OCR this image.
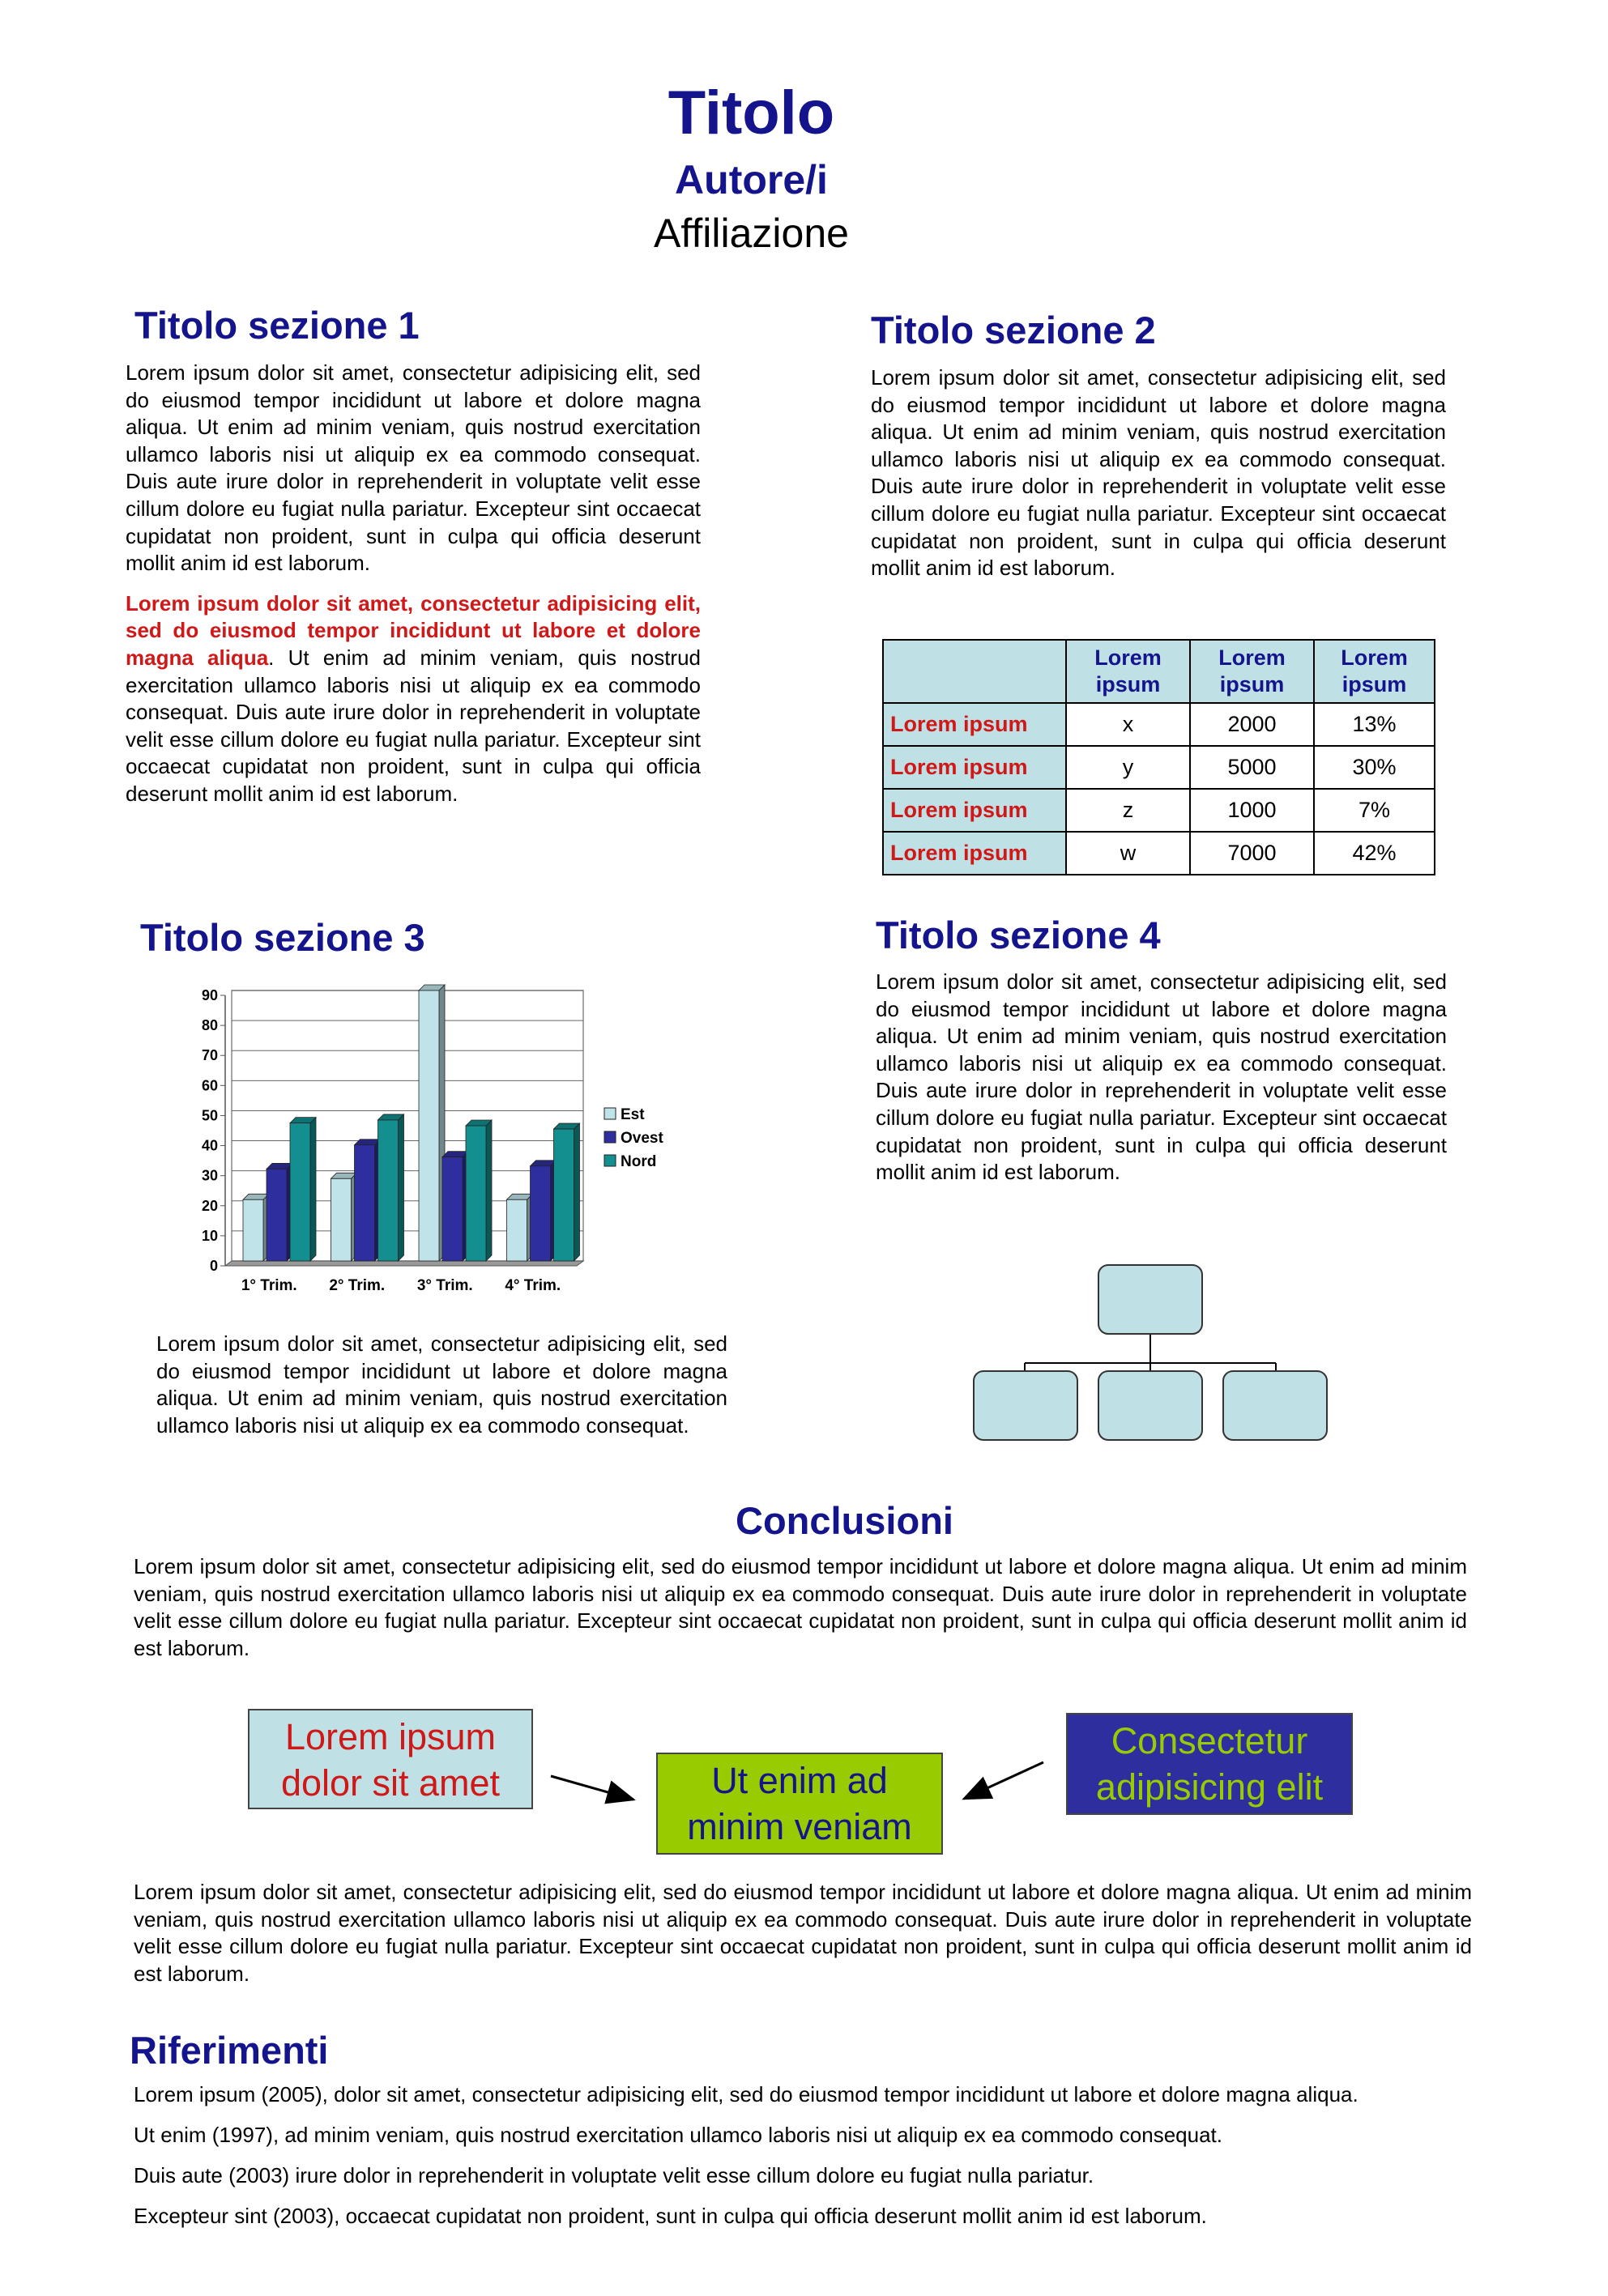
Titolo
Autore/i
Affiliazione
Titolo sezione 1

Lorem ipsum dolor sit amet, consectetur adipisicing elit, sed do eiusmod tempor incididunt ut labore et dolore magna aliqua. Ut enim ad minim veniam, quis nostrud exercitation ullamco laboris nisi ut aliquip ex ea commodo consequat. Duis aute irure dolor in reprehenderit in voluptate velit esse cillum dolore eu fugiat nulla pariatur. Excepteur sint occaecat cupidatat non proident, sunt in culpa qui officia deserunt mollit anim id est laborum.

Lorem ipsum dolor sit amet, consectetur adipisicing elit, sed do eiusmod tempor incididunt ut labore et dolore magna aliqua. Ut enim ad minim veniam, quis nostrud exercitation ullamco laboris nisi ut aliquip ex ea commodo consequat. Duis aute irure dolor in reprehenderit in voluptate velit esse cillum dolore eu fugiat nulla pariatur. Excepteur sint occaecat cupidatat non proident, sunt in culpa qui officia deserunt mollit anim id est laborum.

Titolo sezione 2

Lorem ipsum dolor sit amet, consectetur adipisicing elit, sed do eiusmod tempor incididunt ut labore et dolore magna aliqua. Ut enim ad minim veniam, quis nostrud exercitation ullamco laboris nisi ut aliquip ex ea commodo consequat. Duis aute irure dolor in reprehenderit in voluptate velit esse cillum dolore eu fugiat nulla pariatur. Excepteur sint occaecat cupidatat non proident, sunt in culpa qui officia deserunt mollit anim id est laborum.

	Lorem ipsum	Lorem ipsum	Lorem ipsum
Lorem ipsum	x	2000	13%
Lorem ipsum	y	5000	30%
Lorem ipsum	z	1000	7%
Lorem ipsum	w	7000	42%
Titolo sezione 3
0
10
20
30
40
50
60
70
80
90
1° Trim. 2° Trim. 3° Trim. 4° Trim.
Est
Ovest
Nord

Lorem ipsum dolor sit amet, consectetur adipisicing elit, sed do eiusmod tempor incididunt ut labore et dolore magna aliqua. Ut enim ad minim veniam, quis nostrud exercitation ullamco laboris nisi ut aliquip ex ea commodo consequat.

Titolo sezione 4

Lorem ipsum dolor sit amet, consectetur adipisicing elit, sed do eiusmod tempor incididunt ut labore et dolore magna aliqua. Ut enim ad minim veniam, quis nostrud exercitation ullamco laboris nisi ut aliquip ex ea commodo consequat. Duis aute irure dolor in reprehenderit in voluptate velit esse cillum dolore eu fugiat nulla pariatur. Excepteur sint occaecat cupidatat non proident, sunt in culpa qui officia deserunt mollit anim id est laborum.

Conclusioni

Lorem ipsum dolor sit amet, consectetur adipisicing elit, sed do eiusmod tempor incididunt ut labore et dolore magna aliqua. Ut enim ad minim veniam, quis nostrud exercitation ullamco laboris nisi ut aliquip ex ea commodo consequat. Duis aute irure dolor in reprehenderit in voluptate velit esse cillum dolore eu fugiat nulla pariatur. Excepteur sint occaecat cupidatat non proident, sunt in culpa qui officia deserunt mollit anim id est laborum.

Lorem ipsum dolor sit amet	Ut enim ad minim veniam
Consectetur adipisicing elit

Lorem ipsum dolor sit amet, consectetur adipisicing elit, sed do eiusmod tempor incididunt ut labore et dolore magna aliqua. Ut enim ad minim veniam, quis nostrud exercitation ullamco laboris nisi ut aliquip ex ea commodo consequat. Duis aute irure dolor in reprehenderit in voluptate velit esse cillum dolore eu fugiat nulla pariatur. Excepteur sint occaecat cupidatat non proident, sunt in culpa qui officia deserunt mollit anim id est laborum.

Riferimenti
Lorem ipsum (2005), dolor sit amet, consectetur adipisicing elit, sed do eiusmod tempor incididunt ut labore et dolore magna aliqua.
Ut enim (1997), ad minim veniam, quis nostrud exercitation ullamco laboris nisi ut aliquip ex ea commodo consequat.
Duis aute (2003) irure dolor in reprehenderit in voluptate velit esse cillum dolore eu fugiat nulla pariatur.
Excepteur sint (2003), occaecat cupidatat non proident, sunt in culpa qui officia deserunt mollit anim id est laborum.
